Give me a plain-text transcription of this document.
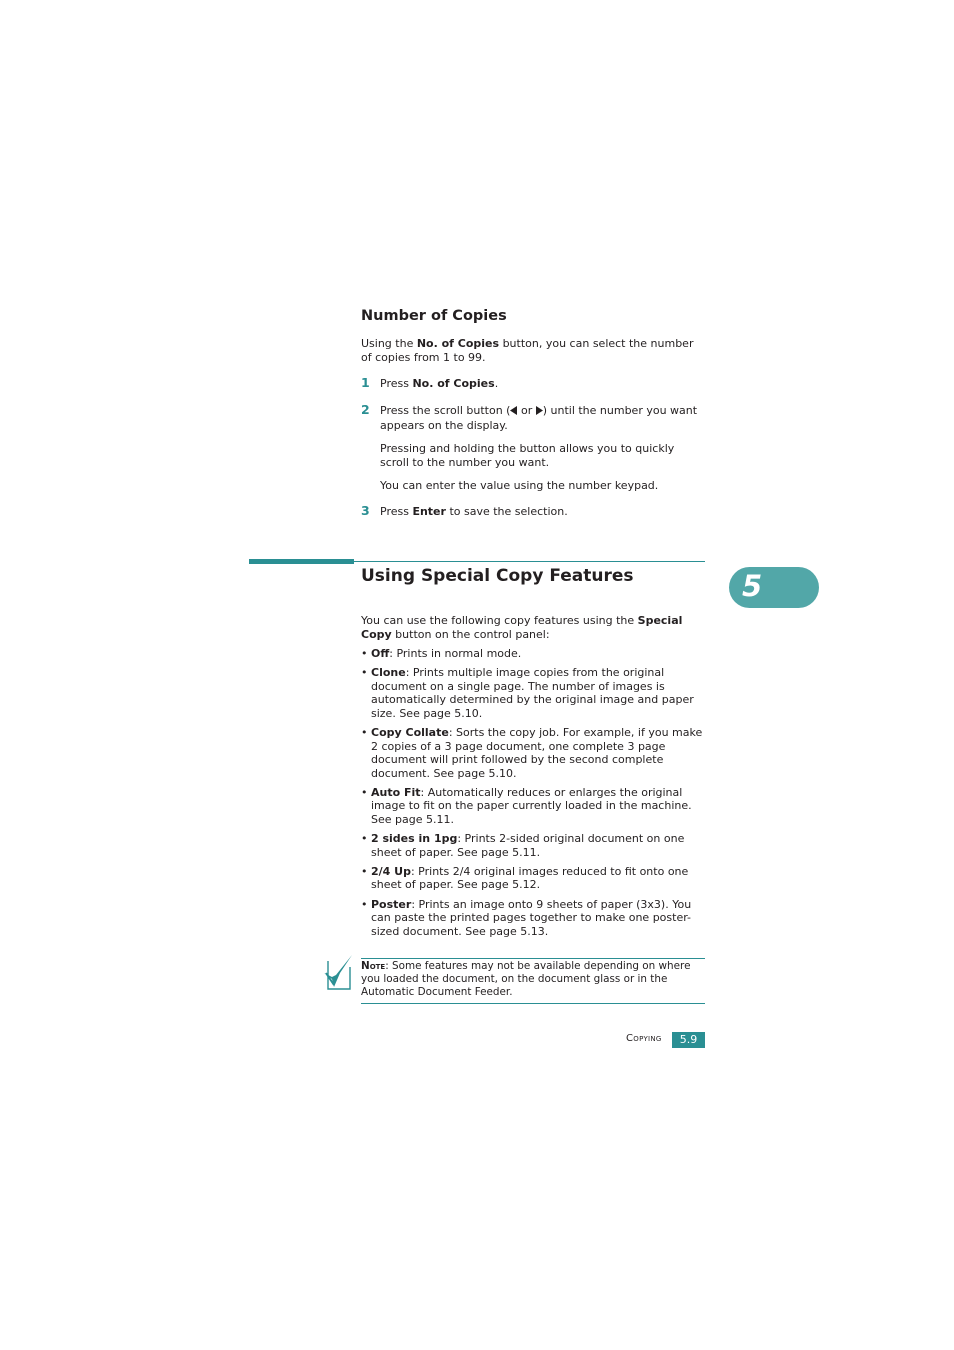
Number of Copies
Using the No. of Copies button, you can select the number of copies from 1 to 99.
1 Press No. of Copies.
2 Press the scroll button ( or ) until the number you want appears on the display.
Pressing and holding the button allows you to quickly scroll to the number you want.
You can enter the value using the number keypad.
3 Press Enter to save the selection.
Using Special Copy Features	5
You can use the following copy features using the Special Copy button on the control panel:
• Off: Prints in normal mode.
• Clone: Prints multiple image copies from the original document on a single page. The number of images is automatically determined by the original image and paper size. See page 5.10.
• Copy Collate: Sorts the copy job. For example, if you make 2 copies of a 3 page document, one complete 3 page document will print followed by the second complete document. See page 5.10.
• Auto Fit: Automatically reduces or enlarges the original image to fit on the paper currently loaded in the machine. See page 5.11.
• 2 sides in 1pg: Prints 2-sided original document on one sheet of paper. See page 5.11.
• 2/4 Up: Prints 2/4 original images reduced to fit onto one sheet of paper. See page 5.12.
• Poster: Prints an image onto 9 sheets of paper (3x3). You can paste the printed pages together to make one poster-sized document. See page 5.13.
Note: Some features may not be available depending on where you loaded the document, on the document glass or in the Automatic Document Feeder.
Copying	5.9
